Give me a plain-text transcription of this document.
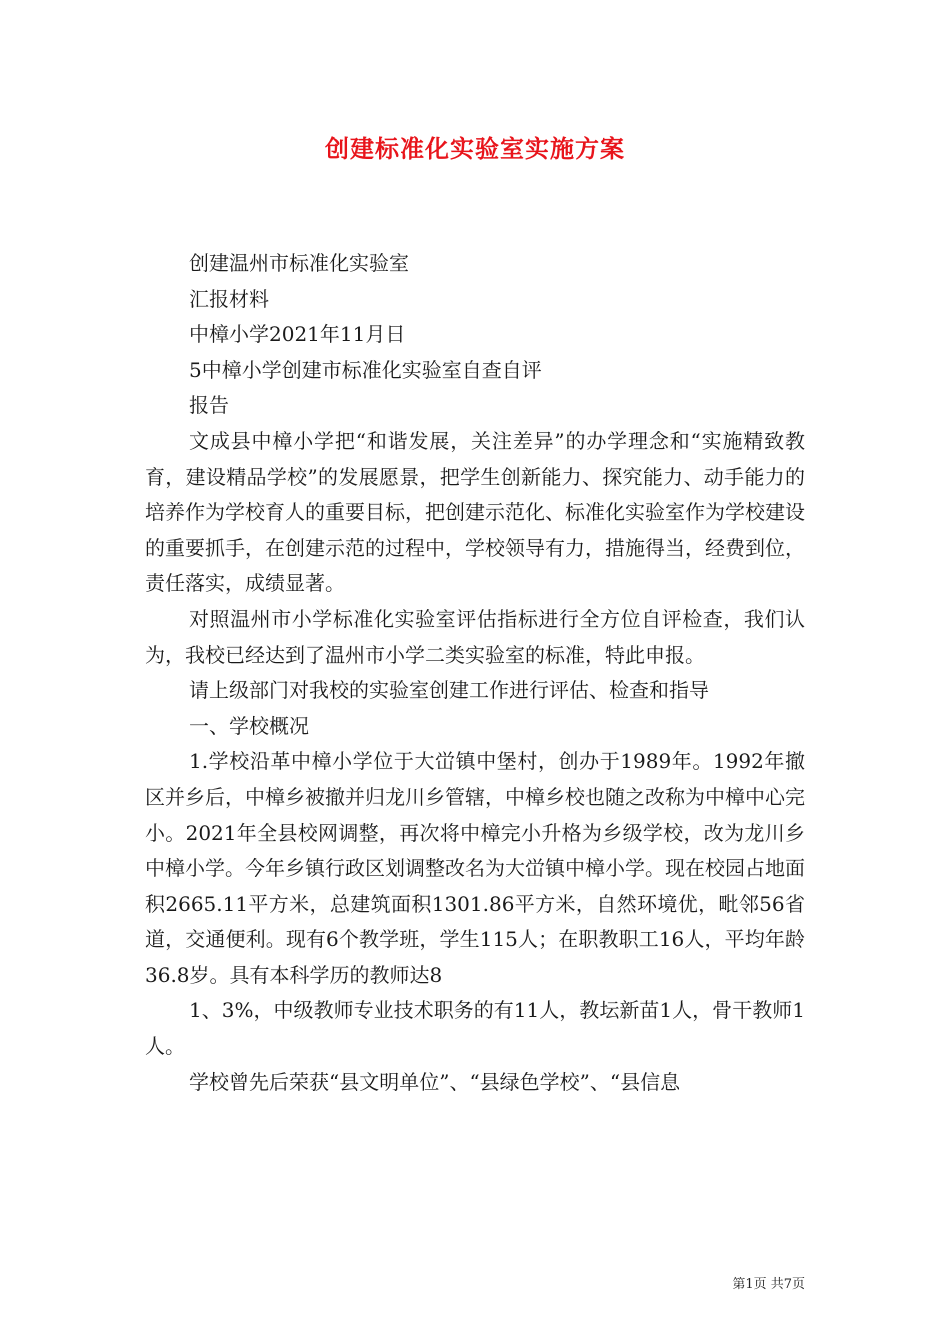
创建标准化实验室实施方案

创建温州市标准化实验室

汇报材料

中樟小学2021年11月日

5中樟小学创建市标准化实验室自查自评

报告

文成县中樟小学把“和谐发展，关注差异”的办学理念和“实施精致教育，建设精品学校”的发展愿景，把学生创新能力、探究能力、动手能力的培养作为学校育人的重要目标，把创建示范化、标准化实验室作为学校建设的重要抓手，在创建示范的过程中，学校领导有力，措施得当，经费到位，责任落实，成绩显著。

对照温州市小学标准化实验室评估指标进行全方位自评检查，我们认为，我校已经达到了温州市小学二类实验室的标准，特此申报。

请上级部门对我校的实验室创建工作进行评估、检查和指导

一、学校概况

1.学校沿革中樟小学位于大峃镇中堡村，创办于1989年。1992年撤区并乡后，中樟乡被撤并归龙川乡管辖，中樟乡校也随之改称为中樟中心完小。2021年全县校网调整，再次将中樟完小升格为乡级学校，改为龙川乡中樟小学。今年乡镇行政区划调整改名为大峃镇中樟小学。现在校园占地面积2665.11平方米，总建筑面积1301.86平方米，自然环境优，毗邻56省道，交通便利。现有6个教学班，学生115人；在职教职工16人，平均年龄36.8岁。具有本科学历的教师达8

1、3%，中级教师专业技术职务的有11人，教坛新苗1人，骨干教师1人。

学校曾先后荣获“县文明单位”、“县绿色学校”、“县信息

第1页 共7页
